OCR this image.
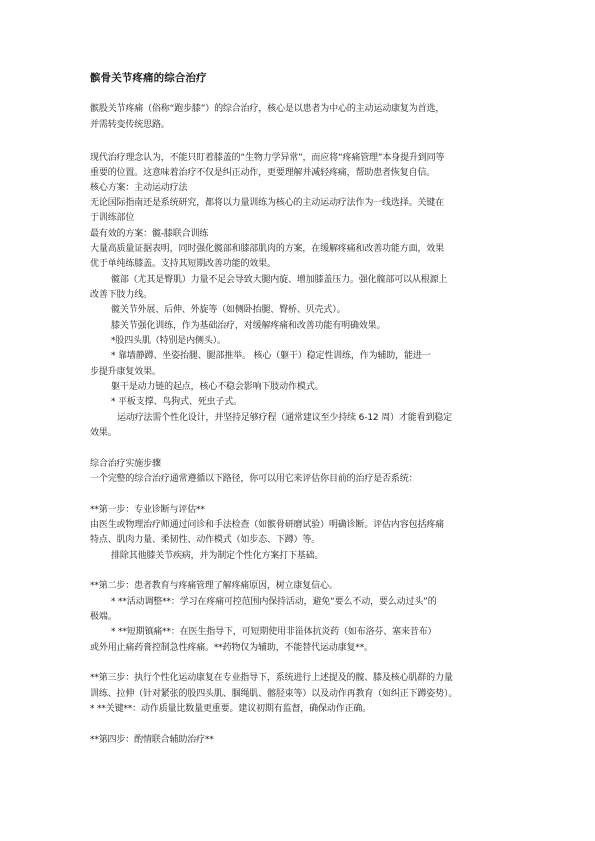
髌骨关节疼痛的综合治疗
髌股关节疼痛（俗称“跑步膝”）的综合治疗，核心是以患者为中心的主动运动康复为首选，
并需转变传统思路。
现代治疗理念认为，不能只盯着膝盖的“生物力学异常”，而应将“疼痛管理”本身提升到同等
重要的位置。这意味着治疗不仅是纠正动作，更要理解并减轻疼痛，帮助患者恢复自信。
核心方案：主动运动疗法
无论国际指南还是系统研究，都将以力量训练为核心的主动运动疗法作为一线选择。关键在
于训练部位
最有效的方案：髋-膝联合训练
大量高质量证据表明，同时强化髋部和膝部肌肉的方案，在缓解疼痛和改善功能方面，效果
优于单纯练膝盖。支持其短期改善功能的效果。
髋部（尤其是臀肌）力量不足会导致大腿内旋、增加膝盖压力。强化髋部可以从根源上
改善下肢力线。
髋关节外展、后伸、外旋等（如侧卧抬腿、臀桥、贝壳式）。
膝关节强化训练，作为基础治疗，对缓解疼痛和改善功能有明确效果。
*股四头肌（特别是内侧头）。
* 靠墙静蹲、坐姿抬腿、腿部推举。 核心（躯干）稳定性训练，作为辅助，能进一
步提升康复效果。
躯干是动力链的起点，核心不稳会影响下肢动作模式。
* 平板支撑、鸟狗式、死虫子式。
运动疗法需个性化设计，并坚持足够疗程（通常建议至少持续 6-12 周）才能看到稳定
效果。
综合治疗实施步骤
一个完整的综合治疗通常遵循以下路径，你可以用它来评估你目前的治疗是否系统：
**第一步：专业诊断与评估**
由医生或物理治疗师通过问诊和手法检查（如髌骨研磨试验）明确诊断。评估内容包括疼痛
特点、肌肉力量、柔韧性、动作模式（如步态、下蹲）等。
排除其他膝关节疾病，并为制定个性化方案打下基础。
**第二步：患者教育与疼痛管理了解疼痛原因，树立康复信心。
* **活动调整**：学习在疼痛可控范围内保持活动，避免“要么不动，要么动过头”的
极端。
* **短期镇痛**：在医生指导下，可短期使用非甾体抗炎药（如布洛芬、塞来昔布）
或外用止痛药膏控制急性疼痛。**药物仅为辅助，不能替代运动康复**。
**第三步：执行个性化运动康复在专业指导下，系统进行上述提及的髋、膝及核心肌群的力量
训练、拉伸（针对紧张的股四头肌、腘绳肌、髂胫束等）以及动作再教育（如纠正下蹲姿势）。
* **关键**：动作质量比数量更重要。建议初期有监督，确保动作正确。
**第四步：酌情联合辅助治疗**
